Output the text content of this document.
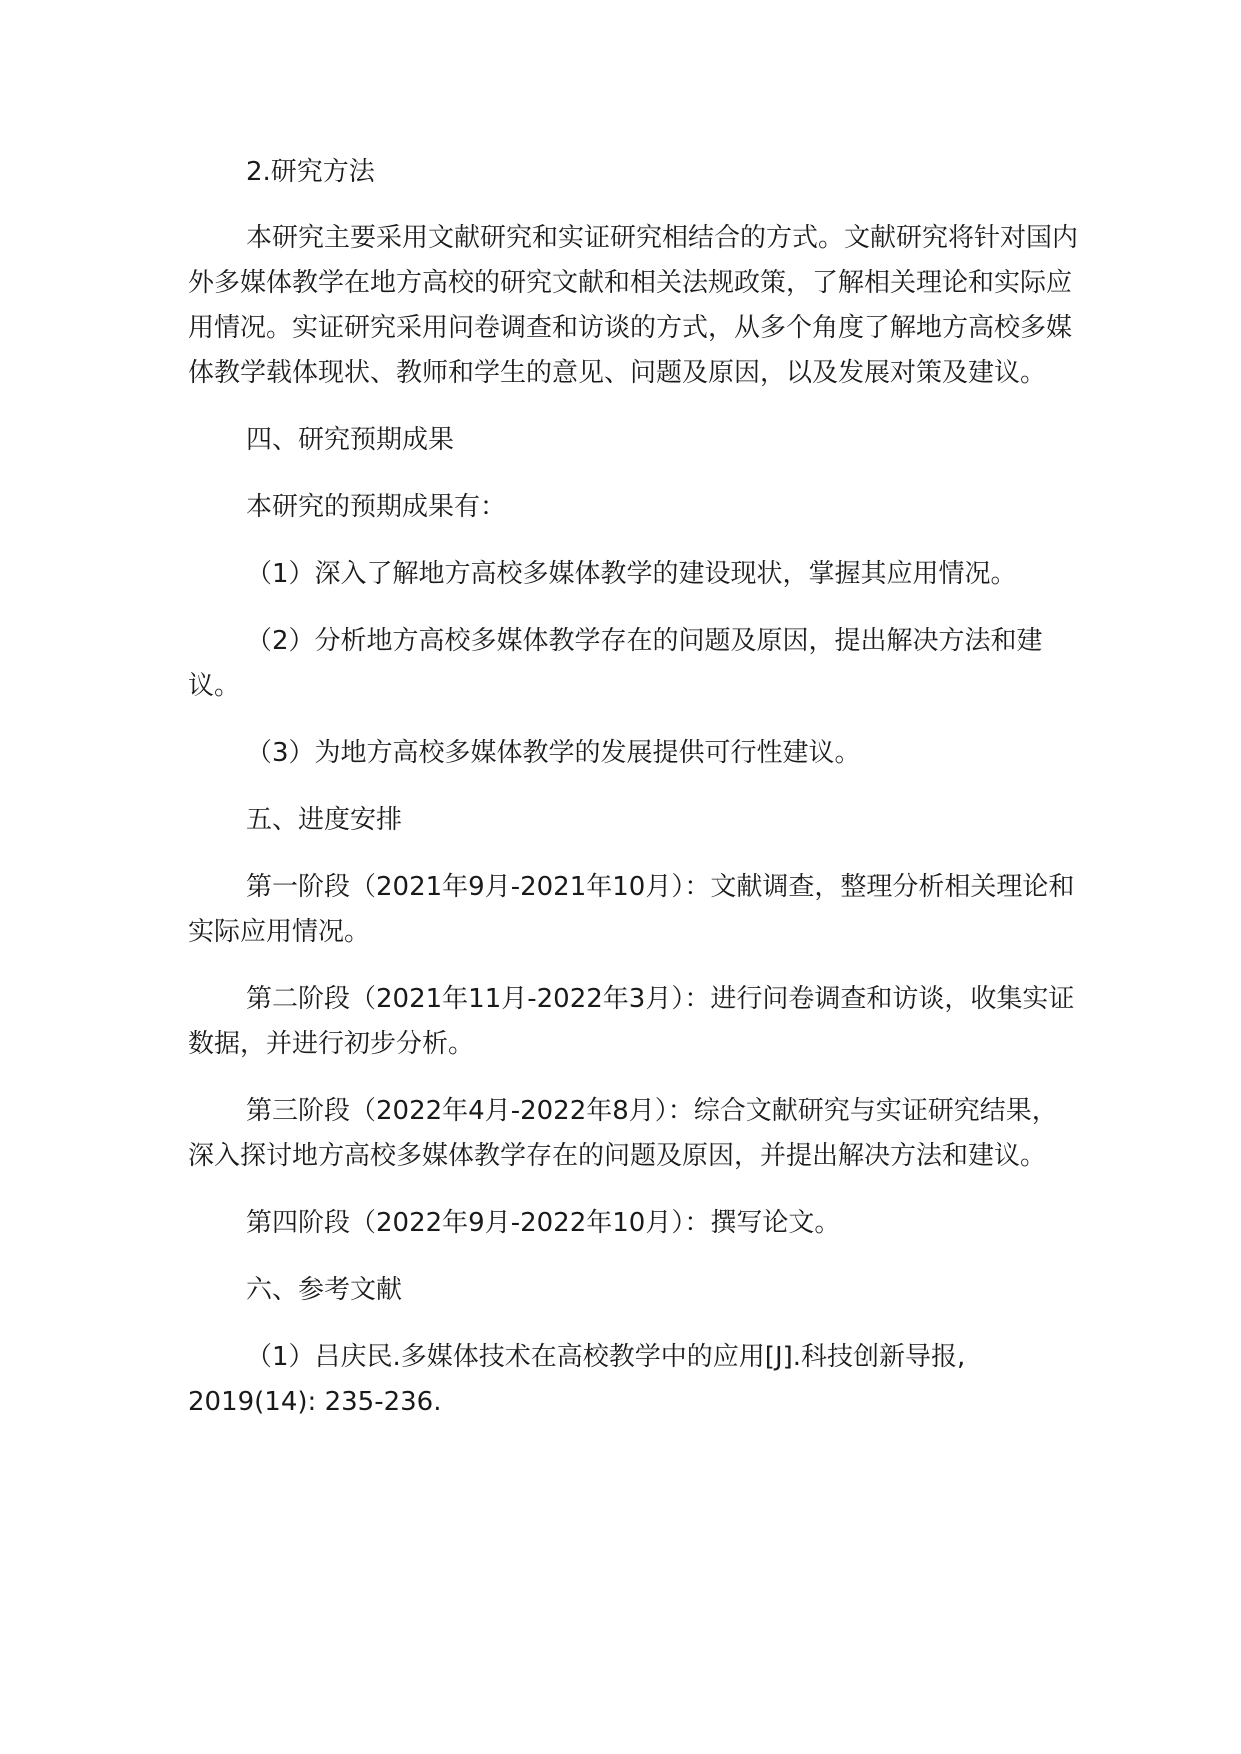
2.研究方法

本研究主要采用文献研究和实证研究相结合的方式。文献研究将针对国内外多媒体教学在地方高校的研究文献和相关法规政策，了解相关理论和实际应用情况。实证研究采用问卷调查和访谈的方式，从多个角度了解地方高校多媒体教学载体现状、教师和学生的意见、问题及原因，以及发展对策及建议。

四、研究预期成果

本研究的预期成果有：

（1）深入了解地方高校多媒体教学的建设现状，掌握其应用情况。

（2）分析地方高校多媒体教学存在的问题及原因，提出解决方法和建议。

（3）为地方高校多媒体教学的发展提供可行性建议。

五、进度安排

第一阶段（2021年9月-2021年10月）：文献调查，整理分析相关理论和实际应用情况。

第二阶段（2021年11月-2022年3月）：进行问卷调查和访谈，收集实证数据，并进行初步分析。

第三阶段（2022年4月-2022年8月）：综合文献研究与实证研究结果，深入探讨地方高校多媒体教学存在的问题及原因，并提出解决方法和建议。

第四阶段（2022年9月-2022年10月）：撰写论文。

六、参考文献

（1）吕庆民.多媒体技术在高校教学中的应用[J].科技创新导报, 2019(14): 235-236.
